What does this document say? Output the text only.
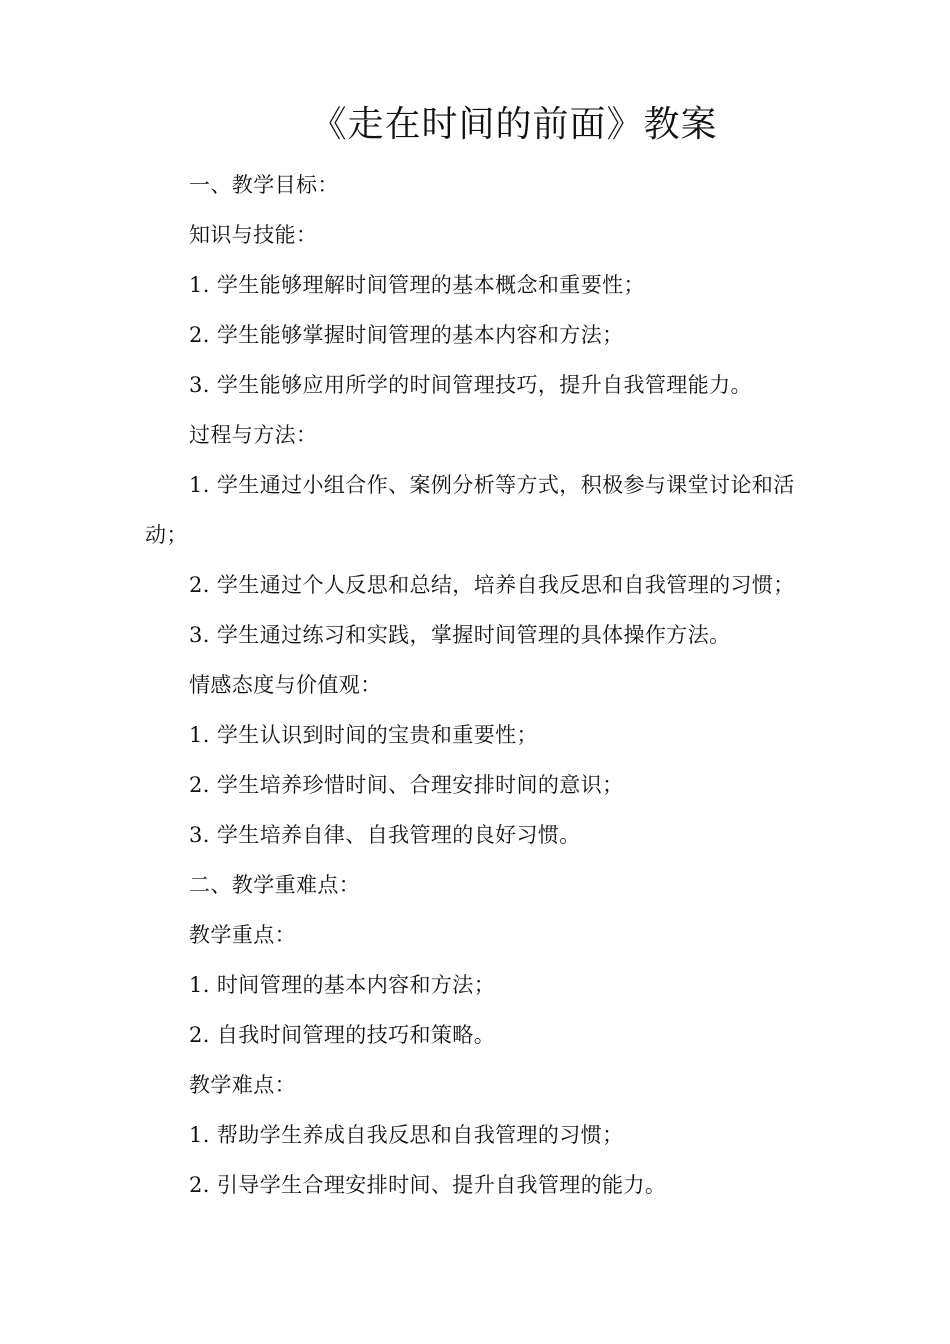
《走在时间的前面》教案

一、教学目标：

知识与技能：

1. 学生能够理解时间管理的基本概念和重要性；

2. 学生能够掌握时间管理的基本内容和方法；

3. 学生能够应用所学的时间管理技巧，提升自我管理能力。

过程与方法：

1. 学生通过小组合作、案例分析等方式，积极参与课堂讨论和活动；

2. 学生通过个人反思和总结，培养自我反思和自我管理的习惯；

3. 学生通过练习和实践，掌握时间管理的具体操作方法。

情感态度与价值观：

1. 学生认识到时间的宝贵和重要性；

2. 学生培养珍惜时间、合理安排时间的意识；

3. 学生培养自律、自我管理的良好习惯。

二、教学重难点：

教学重点：

1. 时间管理的基本内容和方法；

2. 自我时间管理的技巧和策略。

教学难点：

1. 帮助学生养成自我反思和自我管理的习惯；

2. 引导学生合理安排时间、提升自我管理的能力。
